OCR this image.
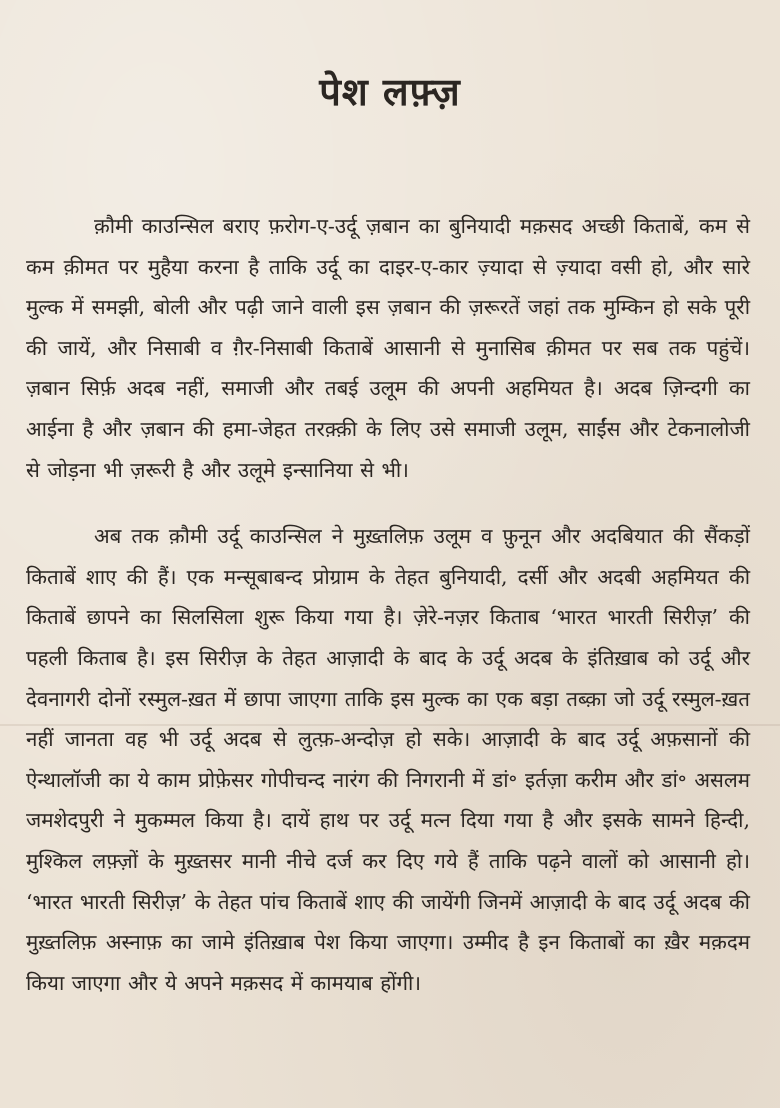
पेश लफ़्ज़

क़ौमी काउन्सिल बराए फ़रोग-ए-उर्दू ज़बान का बुनियादी मक़सद अच्छी किताबें, कम से कम क़ीमत पर मुहैया करना है ताकि उर्दू का दाइर-ए-कार ज़्यादा से ज़्यादा वसी हो, और सारे मुल्क में समझी, बोली और पढ़ी जाने वाली इस ज़बान की ज़रूरतें जहां तक मुम्किन हो सके पूरी की जायें, और निसाबी व ग़ैर-निसाबी किताबें आसानी से मुनासिब क़ीमत पर सब तक पहुंचें। ज़बान सिर्फ़ अदब नहीं, समाजी और तबई उलूम की अपनी अहमियत है। अदब ज़िन्दगी का आईना है और ज़बान की हमा-जेहत तरक़्क़ी के लिए उसे समाजी उलूम, साईंस और टेकनालोजी से जोड़ना भी ज़रूरी है और उलूमे इन्सानिया से भी।

अब तक क़ौमी उर्दू काउन्सिल ने मुख़्तलिफ़ उलूम व फ़ुनून और अदबियात की सैंकड़ों किताबें शाए की हैं। एक मन्सूबाबन्द प्रोग्राम के तेहत बुनियादी, दर्सी और अदबी अहमियत की किताबें छापने का सिलसिला शुरू किया गया है। ज़ेरे-नज़र किताब ‘भारत भारती सिरीज़’ की पहली किताब है। इस सिरीज़ के तेहत आज़ादी के बाद के उर्दू अदब के इंतिख़ाब को उर्दू और देवनागरी दोनों रस्मुल-ख़त में छापा जाएगा ताकि इस मुल्क का एक बड़ा तब्क़ा जो उर्दू रस्मुल-ख़त नहीं जानता वह भी उर्दू अदब से लुत्फ़-अन्दोज़ हो सके। आज़ादी के बाद उर्दू अफ़सानों की ऐन्थालॉजी का ये काम प्रोफ़ेसर गोपीचन्द नारंग की निगरानी में डां॰ इर्तज़ा करीम और डां॰ असलम जमशेदपुरी ने मुकम्मल किया है। दायें हाथ पर उर्दू मत्न दिया गया है और इसके सामने हिन्दी, मुश्किल लफ़्ज़ों के मुख़्तसर मानी नीचे दर्ज कर दिए गये हैं ताकि पढ़ने वालों को आसानी हो। ‘भारत भारती सिरीज़’ के तेहत पांच किताबें शाए की जायेंगी जिनमें आज़ादी के बाद उर्दू अदब की मुख़्तलिफ़ अस्नाफ़ का जामे इंतिख़ाब पेश किया जाएगा। उम्मीद है इन किताबों का ख़ैर मक़दम किया जाएगा और ये अपने मक़सद में कामयाब होंगी।
